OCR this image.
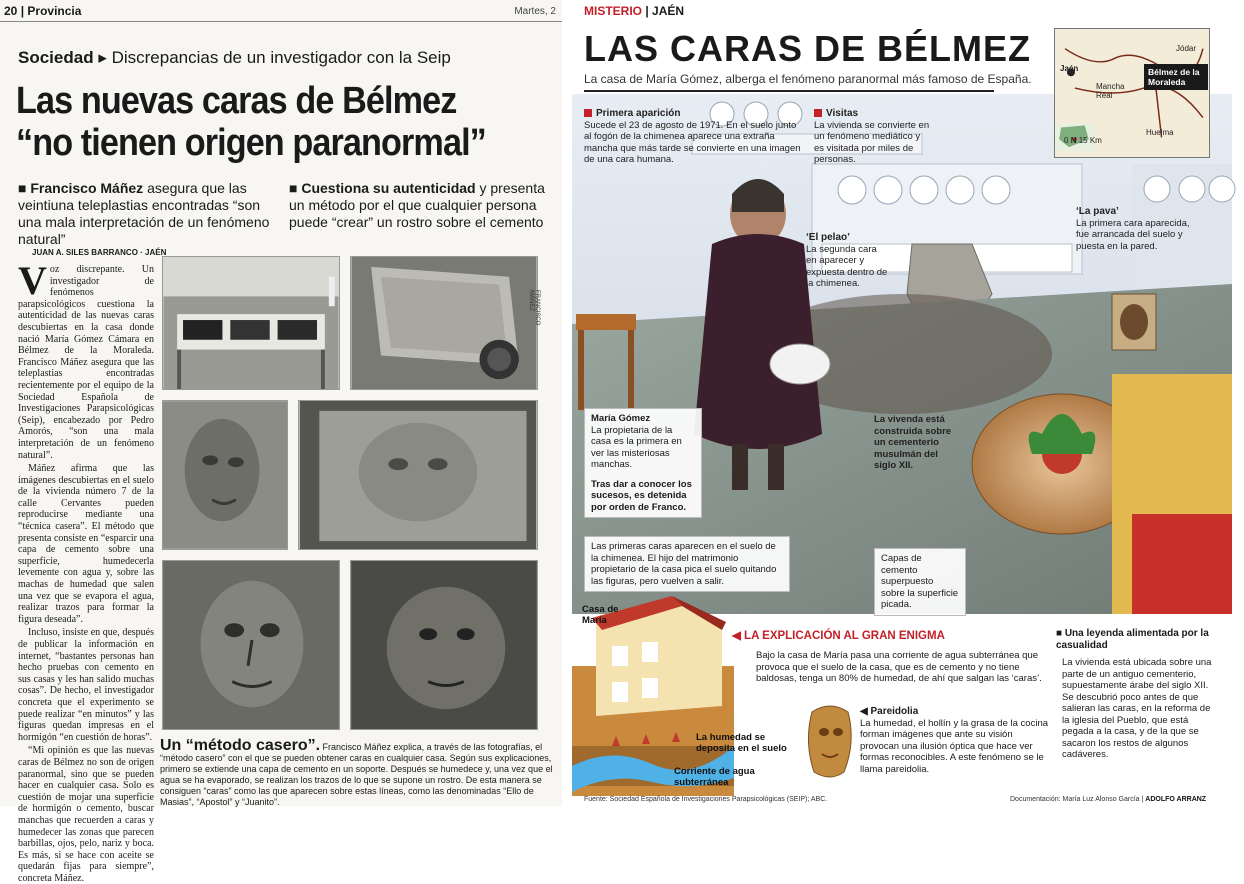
20 | Provincia	Martes, 2
Sociedad ▸ Discrepancias de un investigador con la Seip
Las nuevas caras de Bélmez
“no tienen origen paranormal”
■ Francisco Máñez asegura que las veintiuna teleplastias encontradas “son una mala interpretación de un fenómeno natural”
■ Cuestiona su autenticidad y presenta un método por el que cualquier persona puede “crear” un rostro sobre el cemento
JUAN A. SILES BARRANCO · JAÉN
V oz discrepante. Un investigador de fenómenos parapsicológicos cuestiona la autenticidad de las nuevas caras descubiertas en la casa donde nació María Gómez Cámara en Bélmez de la Moraleda. Francisco Máñez asegura que las teleplastias encontradas recientemente por el equipo de la Sociedad Española de Investigaciones Parapsicológicas (Seip), encabezado por Pedro Amorós, “son una mala interpretación de un fenómeno natural”.

Máñez afirma que las imágenes descubiertas en el suelo de la vivienda número 7 de la calle Cervantes pueden reproducirse mediante una “técnica casera”. El método que presenta consiste en “esparcir una capa de cemento sobre una superficie, humedecerla levemente con agua y, sobre las machas de humedad que salen una vez que se evapora el agua, realizar trazos para formar la figura deseada”.

Incluso, insiste en que, después de publicar la información en internet, “bastantes personas han hecho pruebas con cemento en sus casas y les han salido muchas cosas”. De hecho, el investigador concreta que el experimento se puede realizar “en minutos” y las figuras quedan impresas en el hormigón “en cuestión de horas”.

“Mi opinión es que las nuevas caras de Bélmez no son de origen paranormal, sino que se pueden hacer en cualquier casa. Solo es cuestión de mojar una superficie de hormigón o cemento, buscar manchas que recuerden a caras y humedecer las zonas que parecen barbillas, ojos, pelo, nariz y boca. Es más, si se hace con aceite se quedarán fijas para siempre”, concreta Máñez.

FRANCISCO MÁÑEZ
Un “método casero”. Francisco Máñez explica, a través de las fotografías, el “método casero” con el que se pueden obtener caras en cualquier casa. Según sus explicaciones, primero se extiende una capa de cemento en un soporte. Después se humedece y, una vez que el agua se ha evaporado, se realizan los trazos de lo que se supone un rostro. De esta manera se consiguen “caras” como las que aparecen sobre estas líneas, como las denominadas “Ello de Masias”, “Apostol” y “Juanito”.
MISTERIO | JAÉN
LAS CARAS DE BÉLMEZ
La casa de María Gómez, alberga el fenómeno paranormal más famoso de España.
Primera aparición
Sucede el 23 de agosto de 1971. En el suelo junto al fogón de la chimenea aparece una extraña mancha que más tarde se convierte en una imagen de una cara humana.
Visitas
La vivienda se convierte en un fenómeno mediático y es visitada por miles de personas.
‘La pava’
La primera cara aparecida, fue arrancada del suelo y puesta en la pared.
‘El pelao’
La segunda cara en aparecer y expuesta dentro de la chimenea.
María Gómez
La propietaria de la casa es la primera en ver las misteriosas manchas.
Tras dar a conocer los sucesos, es detenida por orden de Franco.
La vivenda está construida sobre un cementerio musulmán del siglo XII.
Las primeras caras aparecen en el suelo de la chimenea. El hijo del matrimonio propietario de la casa pica el suelo quitando las figuras, pero vuelven a salir.
Capas de cemento superpuesto sobre la superficie picada.
Jaén
Jódar
Mancha Real
Huelma
0 N 15 Km
Bélmez de la Moraleda
Casa de María
La humedad se deposita en el suelo
Corriente de agua subterránea
◀ LA EXPLICACIÓN AL GRAN ENIGMA
Bajo la casa de María pasa una corriente de agua subterránea que provoca que el suelo de la casa, que es de cemento y no tiene baldosas, tenga un 80% de humedad, de ahí que salgan las ‘caras’.
◀ Pareidolia
La humedad, el hollín y la grasa de la cocina forman imágenes que ante su visión provocan una ilusión óptica que hace ver formas reconocibles. A este fenómeno se le llama pareidolia.
■ Una leyenda alimentada por la casualidad
La vivienda está ubicada sobre una parte de un antiguo cementerio, supuestamente árabe del siglo XII. Se descubrió poco antes de que salieran las caras, en la reforma de la iglesia del Pueblo, que está pegada a la casa, y de la que se sacaron los restos de algunos cadáveres.
Fuente: Sociedad Española de Investigaciones Parapsicológicas (SEIP); ABC.	Documentación: María Luz Alonso García | ADOLFO ARRANZ
